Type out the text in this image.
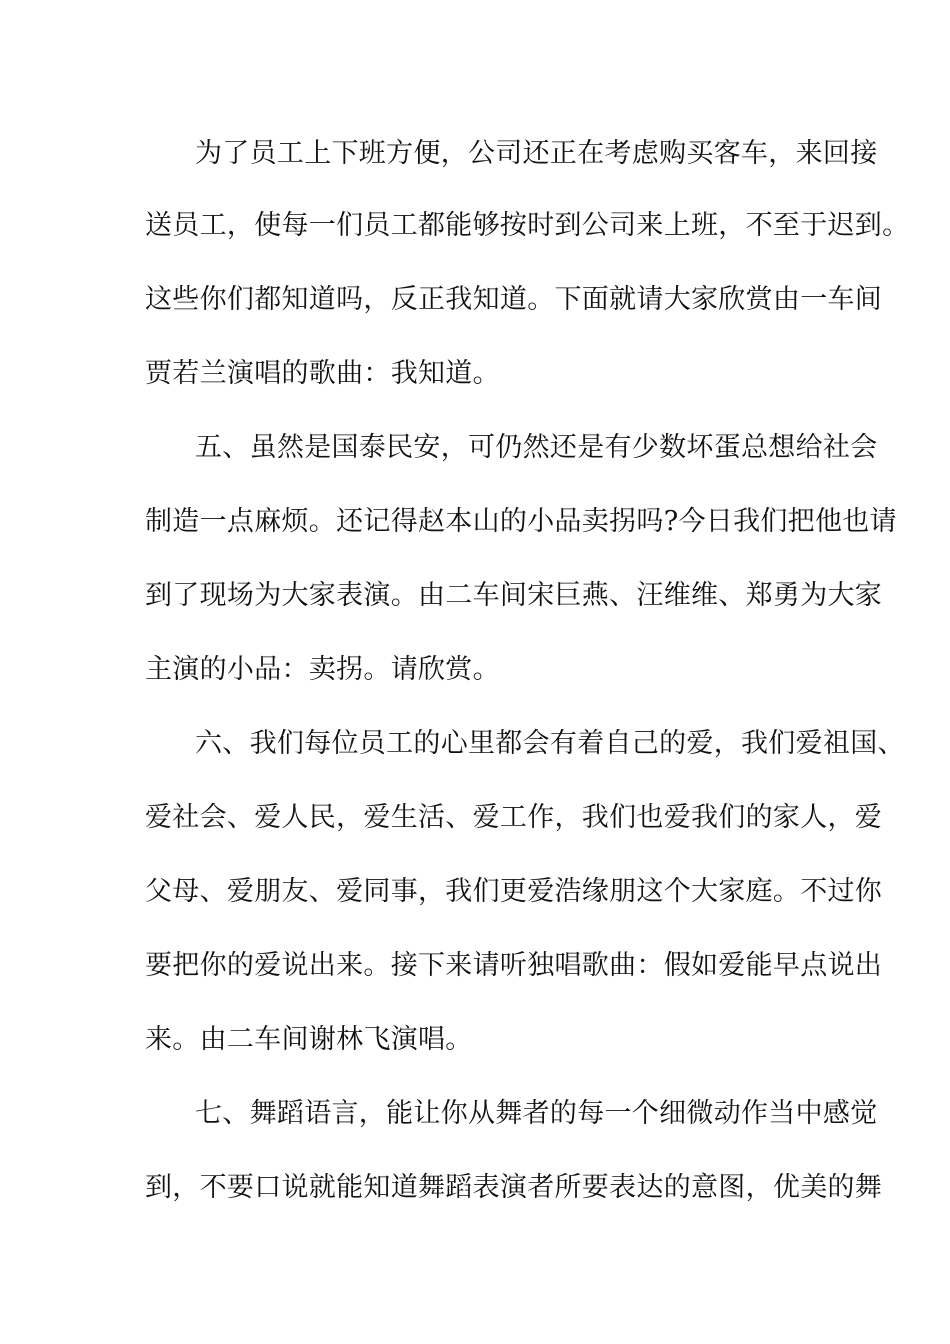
为了员工上下班方便，公司还正在考虑购买客车，来回接
送员工，使每一们员工都能够按时到公司来上班，不至于迟到。
这些你们都知道吗，反正我知道。下面就请大家欣赏由一车间
贾若兰演唱的歌曲：我知道。
五、虽然是国泰民安，可仍然还是有少数坏蛋总想给社会
制造一点麻烦。还记得赵本山的小品卖拐吗?今日我们把他也请
到了现场为大家表演。由二车间宋巨燕、汪维维、郑勇为大家
主演的小品：卖拐。请欣赏。
六、我们每位员工的心里都会有着自己的爱，我们爱祖国、
爱社会、爱人民，爱生活、爱工作，我们也爱我们的家人，爱
父母、爱朋友、爱同事，我们更爱浩缘朋这个大家庭。不过你
要把你的爱说出来。接下来请听独唱歌曲：假如爱能早点说出
来。由二车间谢林飞演唱。
七、舞蹈语言，能让你从舞者的每一个细微动作当中感觉
到，不要口说就能知道舞蹈表演者所要表达的意图，优美的舞
